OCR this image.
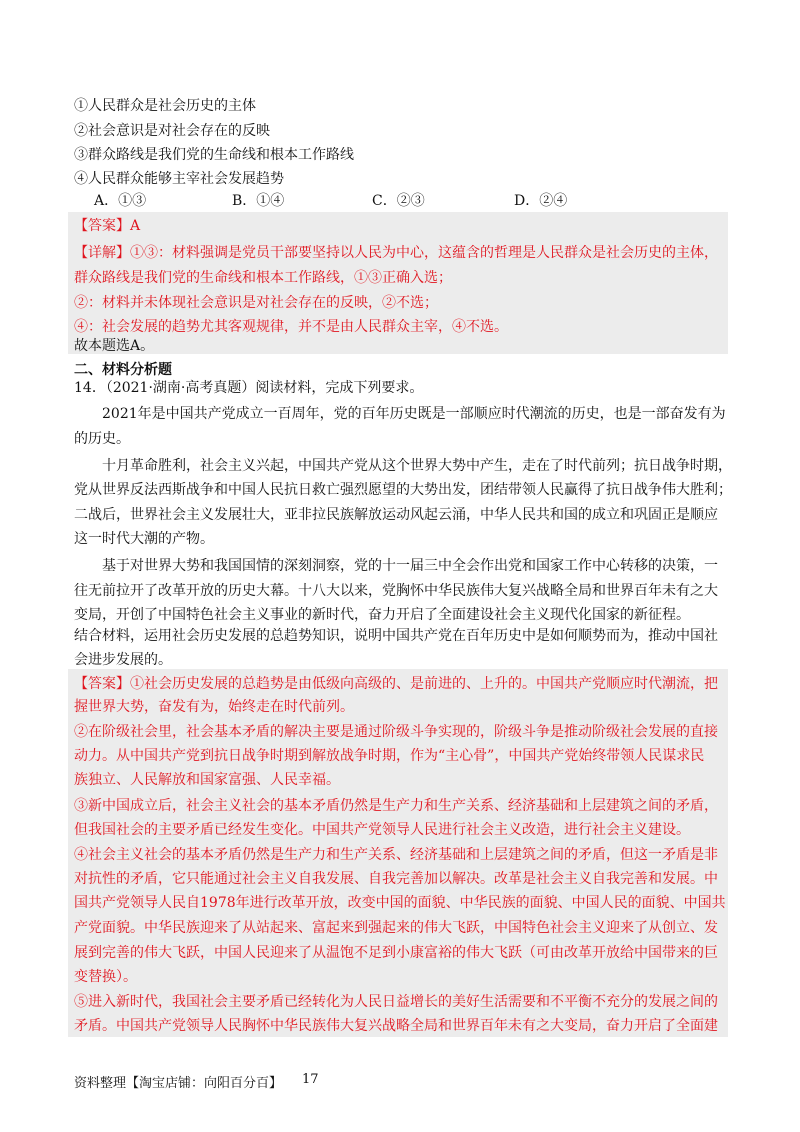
①人民群众是社会历史的主体
②社会意识是对社会存在的反映
③群众路线是我们党的生命线和根本工作路线
④人民群众能够主宰社会发展趋势
A．①③	B．①④	C．②③	D．②④
【答案】A
【详解】①③：材料强调是党员干部要坚持以人民为中心，这蕴含的哲理是人民群众是社会历史的主体，
群众路线是我们党的生命线和根本工作路线，①③正确入选；
②：材料并未体现社会意识是对社会存在的反映，②不选；
④：社会发展的趋势尤其客观规律，并不是由人民群众主宰，④不选。
故本题选A。
二、材料分析题
14．（2021·湖南·高考真题）阅读材料，完成下列要求。
2021年是中国共产党成立一百周年，党的百年历史既是一部顺应时代潮流的历史，也是一部奋发有为
的历史。
十月革命胜利，社会主义兴起，中国共产党从这个世界大势中产生，走在了时代前列；抗日战争时期，
党从世界反法西斯战争和中国人民抗日救亡强烈愿望的大势出发，团结带领人民赢得了抗日战争伟大胜利；
二战后，世界社会主义发展壮大，亚非拉民族解放运动风起云涌，中华人民共和国的成立和巩固正是顺应
这一时代大潮的产物。
基于对世界大势和我国国情的深刻洞察，党的十一届三中全会作出党和国家工作中心转移的决策，一
往无前拉开了改革开放的历史大幕。十八大以来，党胸怀中华民族伟大复兴战略全局和世界百年未有之大
变局，开创了中国特色社会主义事业的新时代，奋力开启了全面建设社会主义现代化国家的新征程。
结合材料，运用社会历史发展的总趋势知识，说明中国共产党在百年历史中是如何顺势而为，推动中国社
会进步发展的。
【答案】①社会历史发展的总趋势是由低级向高级的、是前进的、上升的。中国共产党顺应时代潮流，把
握世界大势，奋发有为，始终走在时代前列。
②在阶级社会里，社会基本矛盾的解决主要是通过阶级斗争实现的，阶级斗争是推动阶级社会发展的直接
动力。从中国共产党到抗日战争时期到解放战争时期，作为“主心骨”，中国共产党始终带领人民谋求民
族独立、人民解放和国家富强、人民幸福。
③新中国成立后，社会主义社会的基本矛盾仍然是生产力和生产关系、经济基础和上层建筑之间的矛盾，
但我国社会的主要矛盾已经发生变化。中国共产党领导人民进行社会主义改造，进行社会主义建设。
④社会主义社会的基本矛盾仍然是生产力和生产关系、经济基础和上层建筑之间的矛盾，但这一矛盾是非
对抗性的矛盾，它只能通过社会主义自我发展、自我完善加以解决。改革是社会主义自我完善和发展。中
国共产党领导人民自1978年进行改革开放，改变中国的面貌、中华民族的面貌、中国人民的面貌、中国共
产党面貌。中华民族迎来了从站起来、富起来到强起来的伟大飞跃，中国特色社会主义迎来了从创立、发
展到完善的伟大飞跃，中国人民迎来了从温饱不足到小康富裕的伟大飞跃（可由改革开放给中国带来的巨
变替换）。
⑤进入新时代，我国社会主要矛盾已经转化为人民日益增长的美好生活需要和不平衡不充分的发展之间的
矛盾。中国共产党领导人民胸怀中华民族伟大复兴战略全局和世界百年未有之大变局，奋力开启了全面建
资料整理【淘宝店铺：向阳百分百】 17
